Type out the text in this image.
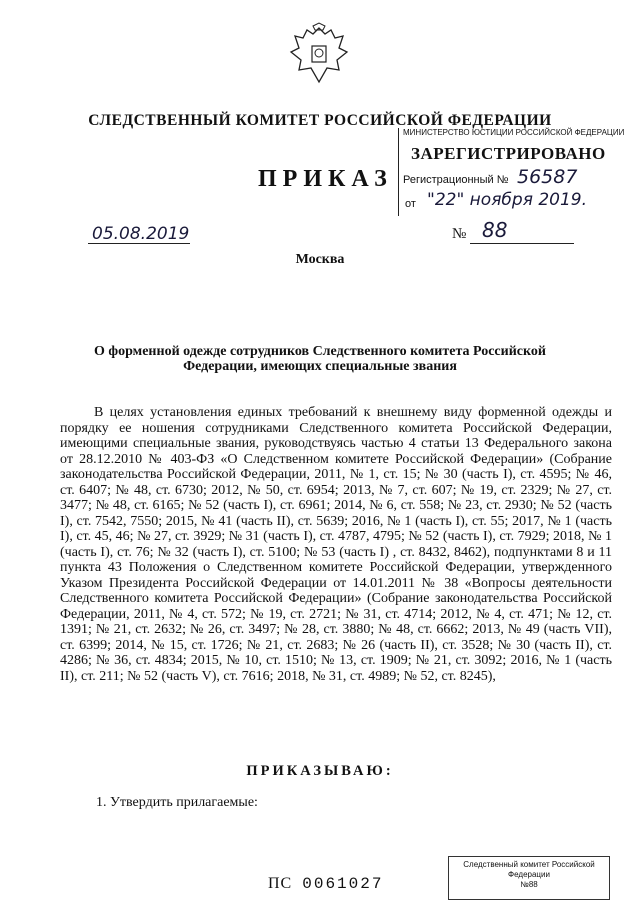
СЛЕДСТВЕННЫЙ КОМИТЕТ РОССИЙСКОЙ ФЕДЕРАЦИИ
МИНИСТЕРСТВО ЮСТИЦИИ РОССИЙСКОЙ ФЕДЕРАЦИИ
ЗАРЕГИСТРИРОВАНО
Регистрационный № 56587
от "22" ноября 2019.
ПРИКАЗ
05.08.2019	№ 88
Москва
О форменной одежде сотрудников Следственного комитета Российской Федерации, имеющих специальные звания
В целях установления единых требований к внешнему виду форменной одежды и порядку ее ношения сотрудниками Следственного комитета Российской Федерации, имеющими специальные звания, руководствуясь частью 4 статьи 13 Федерального закона от 28.12.2010 № 403-ФЗ «О Следственном комитете Российской Федерации» (Собрание законодательства Российской Федерации, 2011, № 1, ст. 15; № 30 (часть I), ст. 4595; № 46, ст. 6407; № 48, ст. 6730; 2012, № 50, ст. 6954; 2013, № 7, ст. 607; № 19, ст. 2329; № 27, ст. 3477; № 48, ст. 6165; № 52 (часть I), ст. 6961; 2014, № 6, ст. 558; № 23, ст. 2930; № 52 (часть I), ст. 7542, 7550; 2015, № 41 (часть II), ст. 5639; 2016, № 1 (часть I), ст. 55; 2017, № 1 (часть I), ст. 45, 46; № 27, ст. 3929; № 31 (часть I), ст. 4787, 4795; № 52 (часть I), ст. 7929; 2018, № 1 (часть I), ст. 76; № 32 (часть I), ст. 5100; № 53 (часть I) , ст. 8432, 8462), подпунктами 8 и 11 пункта 43 Положения о Следственном комитете Российской Федерации, утвержденного Указом Президента Российской Федерации от 14.01.2011 № 38 «Вопросы деятельности Следственного комитета Российской Федерации» (Собрание законодательства Российской Федерации, 2011, № 4, ст. 572; № 19, ст. 2721; № 31, ст. 4714; 2012, № 4, ст. 471; № 12, ст. 1391; № 21, ст. 2632; № 26, ст. 3497; № 28, ст. 3880; № 48, ст. 6662; 2013, № 49 (часть VII), ст. 6399; 2014, № 15, ст. 1726; № 21, ст. 2683; № 26 (часть II), ст. 3528; № 30 (часть II), ст. 4286; № 36, ст. 4834; 2015, № 10, ст. 1510; № 13, ст. 1909; № 21, ст. 3092; 2016, № 1 (часть II), ст. 211; № 52 (часть V), ст. 7616; 2018, № 31, ст. 4989; № 52, ст. 8245),
ПРИКАЗЫВАЮ:
1. Утвердить прилагаемые:
ПС 0061027
Следственный комитет Российской
Федерации
№88
